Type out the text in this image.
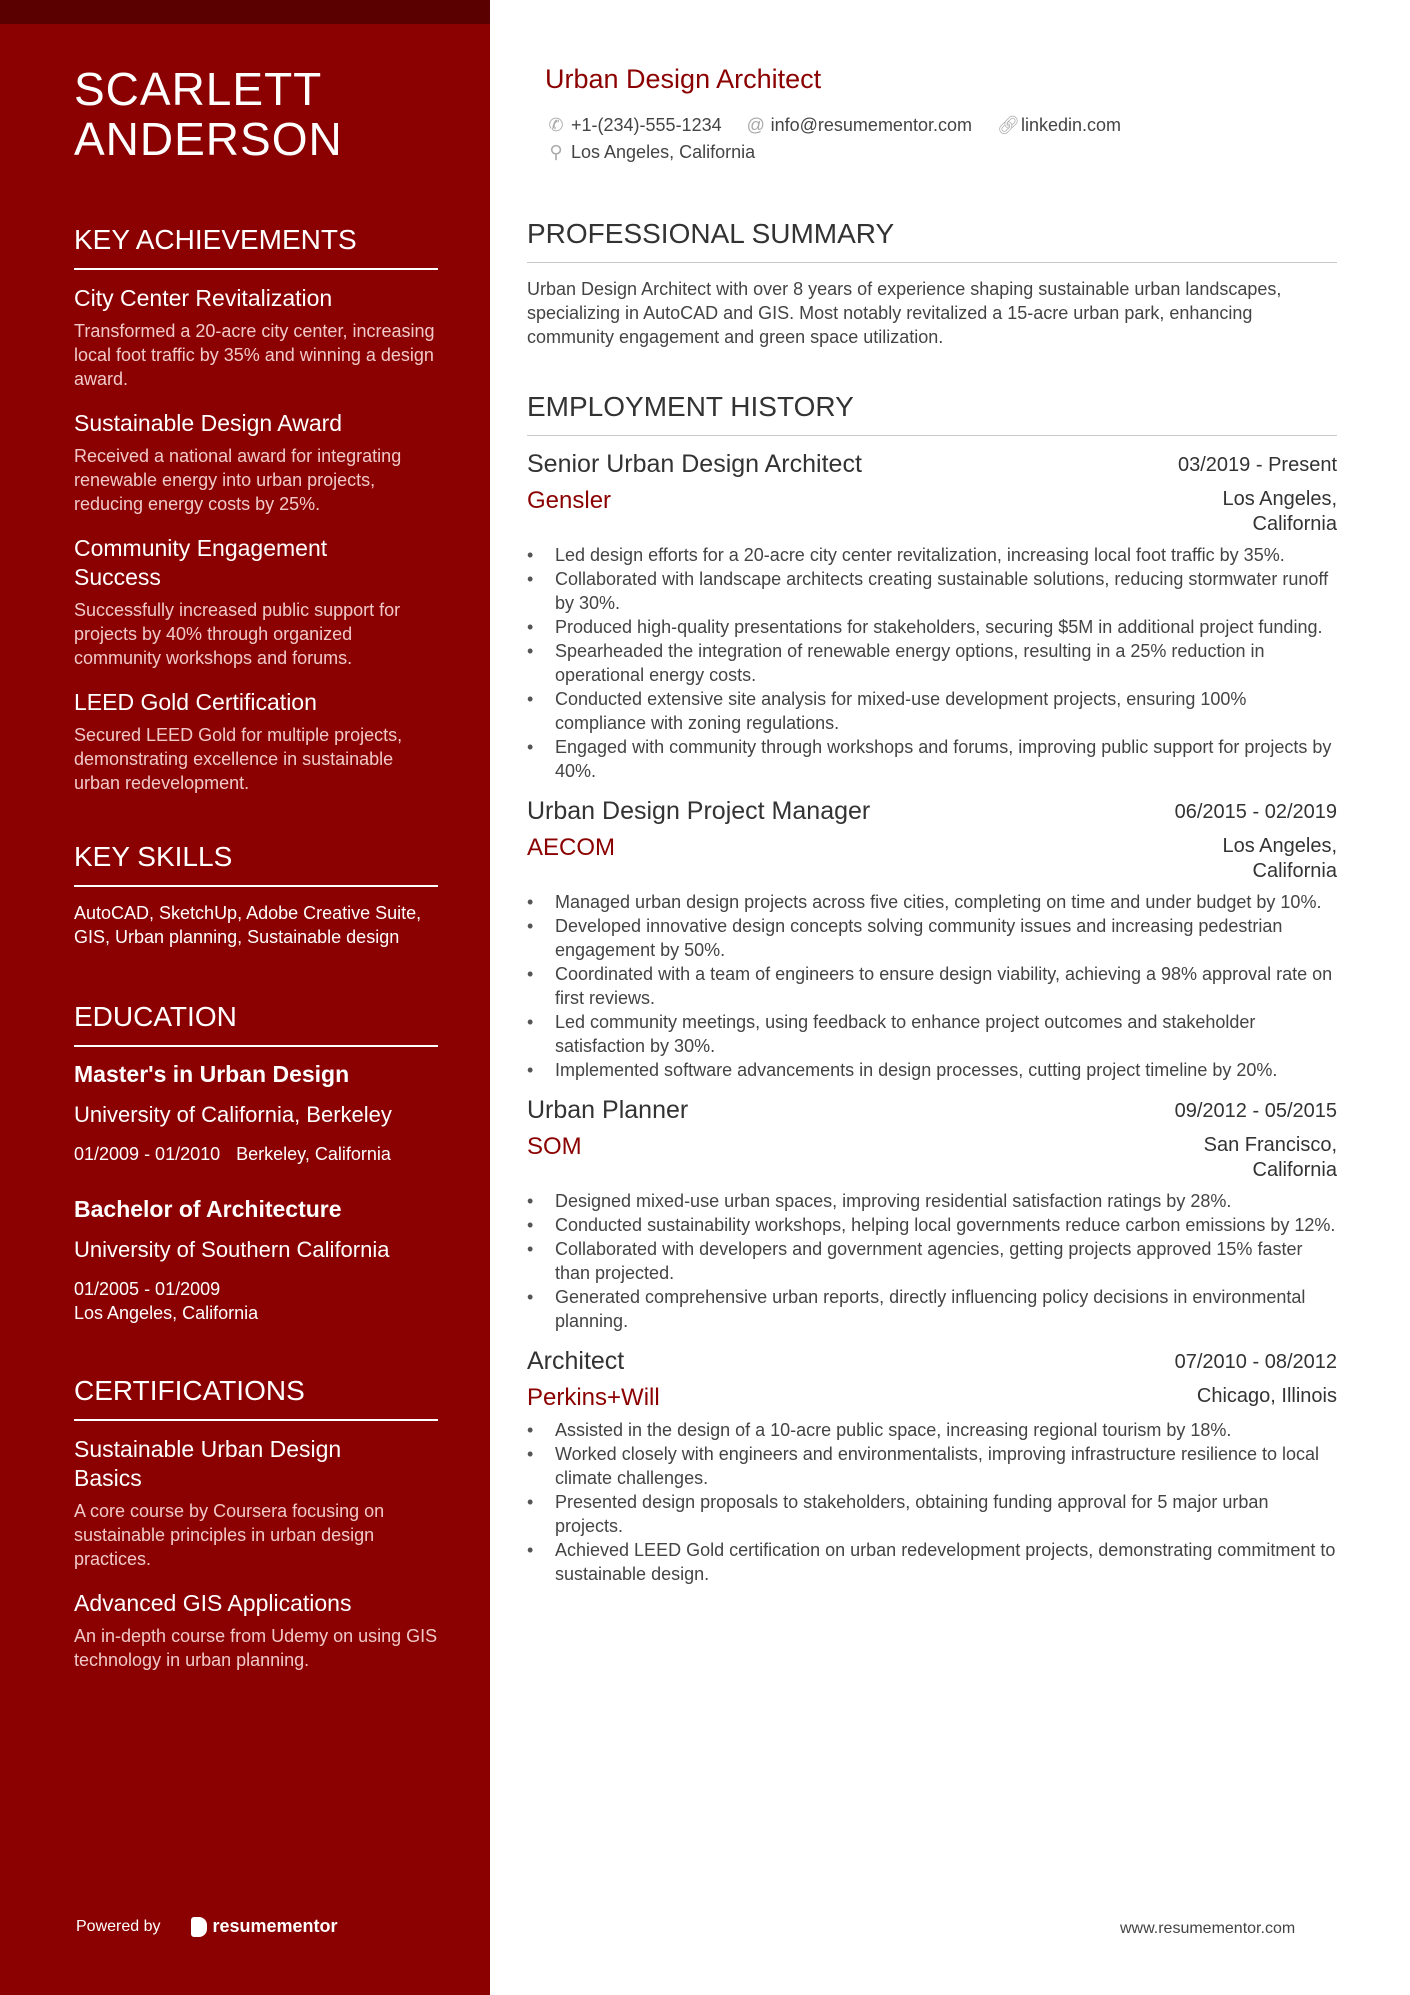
SCARLETT
ANDERSON
KEY ACHIEVEMENTS
City Center Revitalization
Transformed a 20-acre city center, increasing local foot traffic by 35% and winning a design award.
Sustainable Design Award
Received a national award for integrating renewable energy into urban projects, reducing energy costs by 25%.
Community Engagement Success
Successfully increased public support for projects by 40% through organized community workshops and forums.
LEED Gold Certification
Secured LEED Gold for multiple projects, demonstrating excellence in sustainable urban redevelopment.
KEY SKILLS
AutoCAD, SketchUp, Adobe Creative Suite, GIS, Urban planning, Sustainable design
EDUCATION
Master's in Urban Design
University of California, Berkeley
01/2009 - 01/2010 Berkeley, California
Bachelor of Architecture
University of Southern California
01/2005 - 01/2009
Los Angeles, California
CERTIFICATIONS
Sustainable Urban Design Basics
A core course by Coursera focusing on sustainable principles in urban design practices.
Advanced GIS Applications
An in-depth course from Udemy on using GIS technology in urban planning.
Powered by	resumementor
Urban Design Architect
✆ +1-(234)-555-1234
@ info@resumementor.com
🔗︎ linkedin.com
⚲ Los Angeles, California
PROFESSIONAL SUMMARY
Urban Design Architect with over 8 years of experience shaping sustainable urban landscapes, specializing in AutoCAD and GIS. Most notably revitalized a 15-acre urban park, enhancing community engagement and green space utilization.
EMPLOYMENT HISTORY
Senior Urban Design Architect	03/2019 - Present
Gensler	Los Angeles, California
• Led design efforts for a 20-acre city center revitalization, increasing local foot traffic by 35%.
• Collaborated with landscape architects creating sustainable solutions, reducing stormwater runoff by 30%.
• Produced high-quality presentations for stakeholders, securing $5M in additional project funding.
• Spearheaded the integration of renewable energy options, resulting in a 25% reduction in operational energy costs.
• Conducted extensive site analysis for mixed-use development projects, ensuring 100% compliance with zoning regulations.
• Engaged with community through workshops and forums, improving public support for projects by 40%.
Urban Design Project Manager	06/2015 - 02/2019
AECOM	Los Angeles, California
• Managed urban design projects across five cities, completing on time and under budget by 10%.
• Developed innovative design concepts solving community issues and increasing pedestrian engagement by 50%.
• Coordinated with a team of engineers to ensure design viability, achieving a 98% approval rate on first reviews.
• Led community meetings, using feedback to enhance project outcomes and stakeholder satisfaction by 30%.
• Implemented software advancements in design processes, cutting project timeline by 20%.
Urban Planner	09/2012 - 05/2015
SOM	San Francisco, California
• Designed mixed-use urban spaces, improving residential satisfaction ratings by 28%.
• Conducted sustainability workshops, helping local governments reduce carbon emissions by 12%.
• Collaborated with developers and government agencies, getting projects approved 15% faster than projected.
• Generated comprehensive urban reports, directly influencing policy decisions in environmental planning.
Architect	07/2010 - 08/2012
Perkins+Will	Chicago, Illinois
• Assisted in the design of a 10-acre public space, increasing regional tourism by 18%.
• Worked closely with engineers and environmentalists, improving infrastructure resilience to local climate challenges.
• Presented design proposals to stakeholders, obtaining funding approval for 5 major urban projects.
• Achieved LEED Gold certification on urban redevelopment projects, demonstrating commitment to sustainable design.
www.resumementor.com
